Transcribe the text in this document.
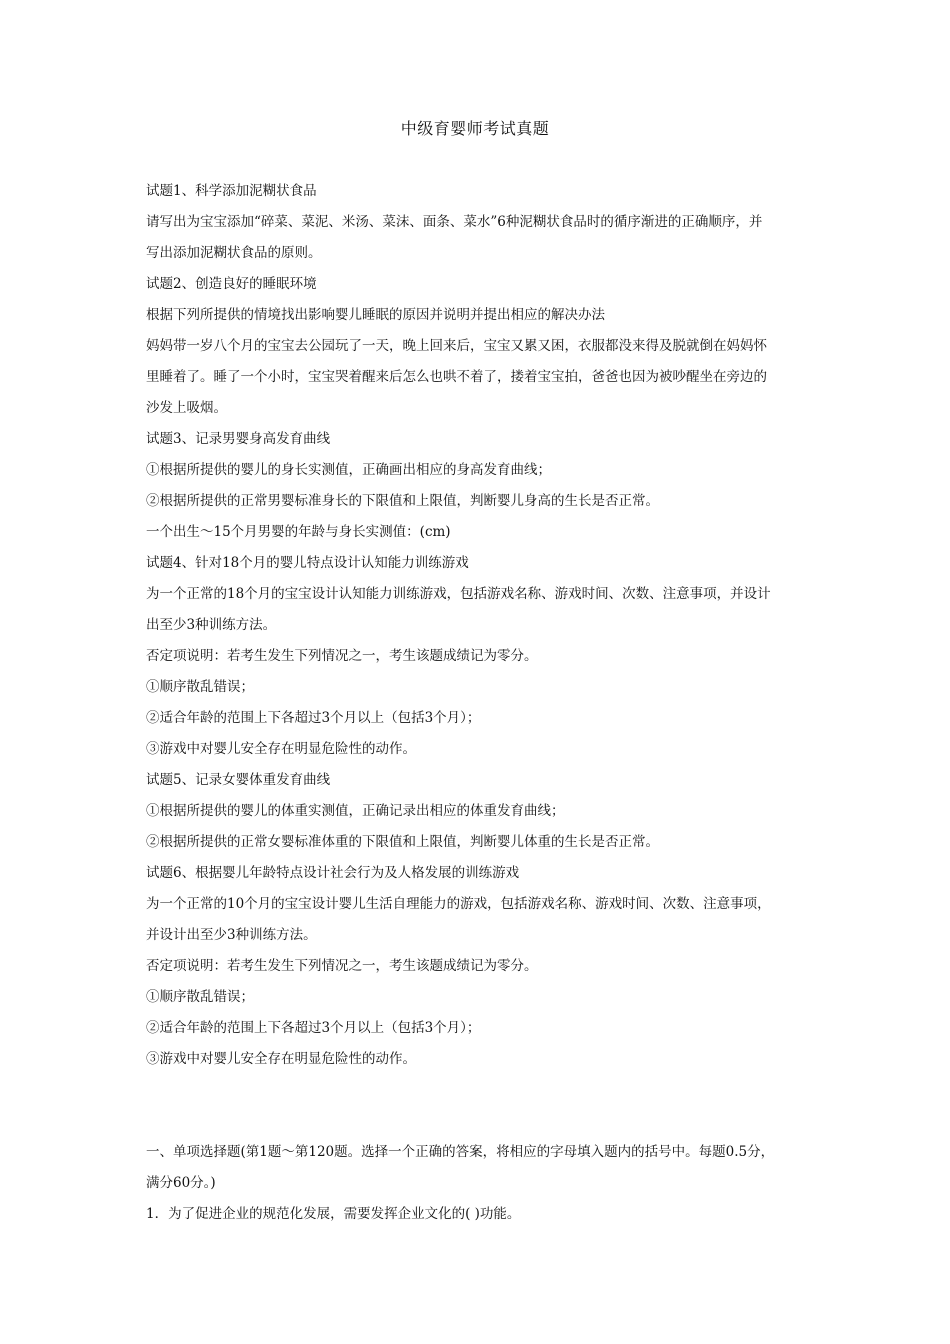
中级育婴师考试真题
试题1、科学添加泥糊状食品
请写出为宝宝添加“碎菜、菜泥、米汤、菜沫、面条、菜水”6种泥糊状食品时的循序渐进的正确顺序，并
写出添加泥糊状食品的原则。
试题2、创造良好的睡眠环境
根据下列所提供的情境找出影响婴儿睡眠的原因并说明并提出相应的解决办法
妈妈带一岁八个月的宝宝去公园玩了一天，晚上回来后，宝宝又累又困，衣服都没来得及脱就倒在妈妈怀
里睡着了。睡了一个小时，宝宝哭着醒来后怎么也哄不着了，搂着宝宝拍，爸爸也因为被吵醒坐在旁边的
沙发上吸烟。
试题3、记录男婴身高发育曲线
①根据所提供的婴儿的身长实测值，正确画出相应的身高发育曲线；
②根据所提供的正常男婴标准身长的下限值和上限值，判断婴儿身高的生长是否正常。
一个出生～15个月男婴的年龄与身长实测值：(cm)
试题4、针对18个月的婴儿特点设计认知能力训练游戏
为一个正常的18个月的宝宝设计认知能力训练游戏，包括游戏名称、游戏时间、次数、注意事项，并设计
出至少3种训练方法。
否定项说明：若考生发生下列情况之一，考生该题成绩记为零分。
①顺序散乱错误；
②适合年龄的范围上下各超过3个月以上（包括3个月）；
③游戏中对婴儿安全存在明显危险性的动作。
试题5、记录女婴体重发育曲线
①根据所提供的婴儿的体重实测值，正确记录出相应的体重发育曲线；
②根据所提供的正常女婴标准体重的下限值和上限值，判断婴儿体重的生长是否正常。
试题6、根据婴儿年龄特点设计社会行为及人格发展的训练游戏
为一个正常的10个月的宝宝设计婴儿生活自理能力的游戏，包括游戏名称、游戏时间、次数、注意事项，
并设计出至少3种训练方法。
否定项说明：若考生发生下列情况之一，考生该题成绩记为零分。
①顺序散乱错误；
②适合年龄的范围上下各超过3个月以上（包括3个月）；
③游戏中对婴儿安全存在明显危险性的动作。
一、单项选择题(第1题～第120题。选择一个正确的答案，将相应的字母填入题内的括号中。每题0.5分，
满分60分。)
1．为了促进企业的规范化发展，需要发挥企业文化的( )功能。
